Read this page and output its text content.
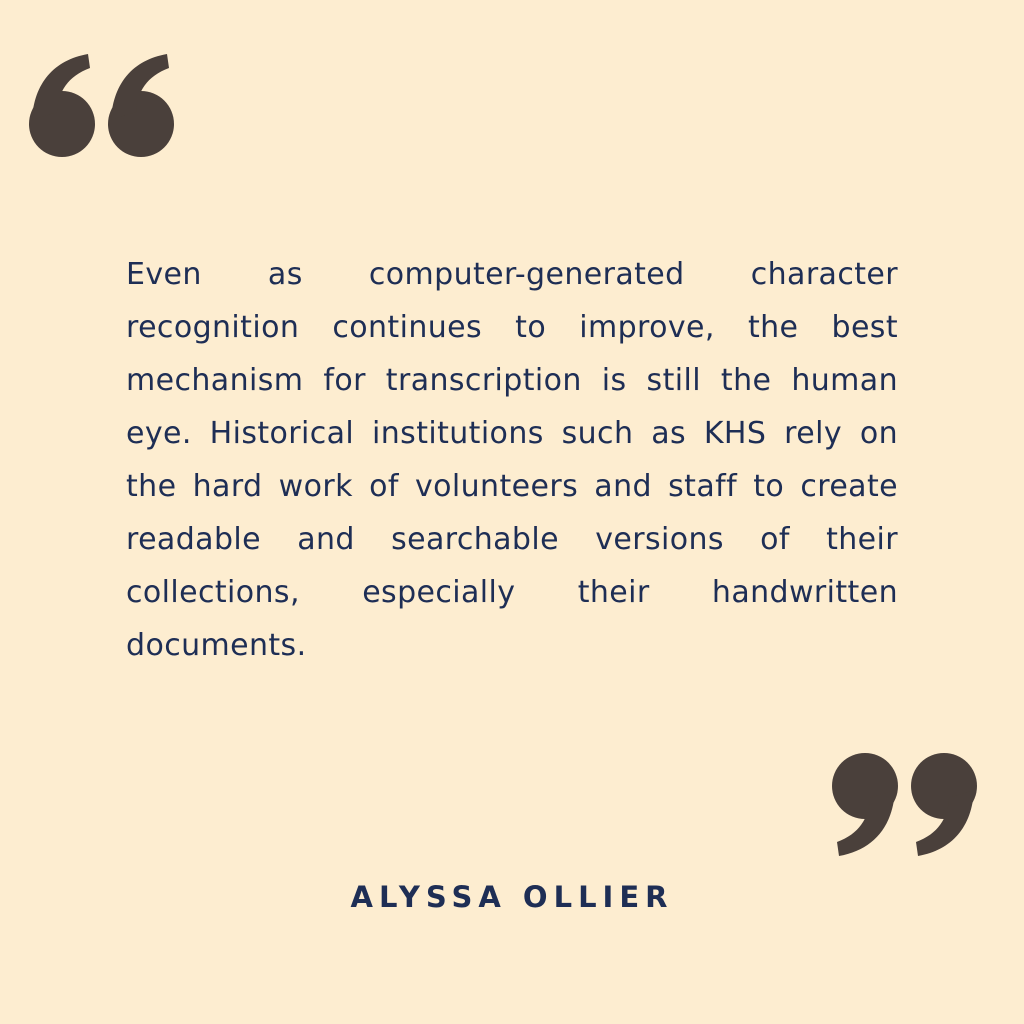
Even as computer-generated character recognition continues to improve, the best mechanism for transcription is still the human eye. Historical institutions such as KHS rely on the hard work of volunteers and staff to create readable and searchable versions of their collections, especially their handwritten documents.

ALYSSA OLLIER
